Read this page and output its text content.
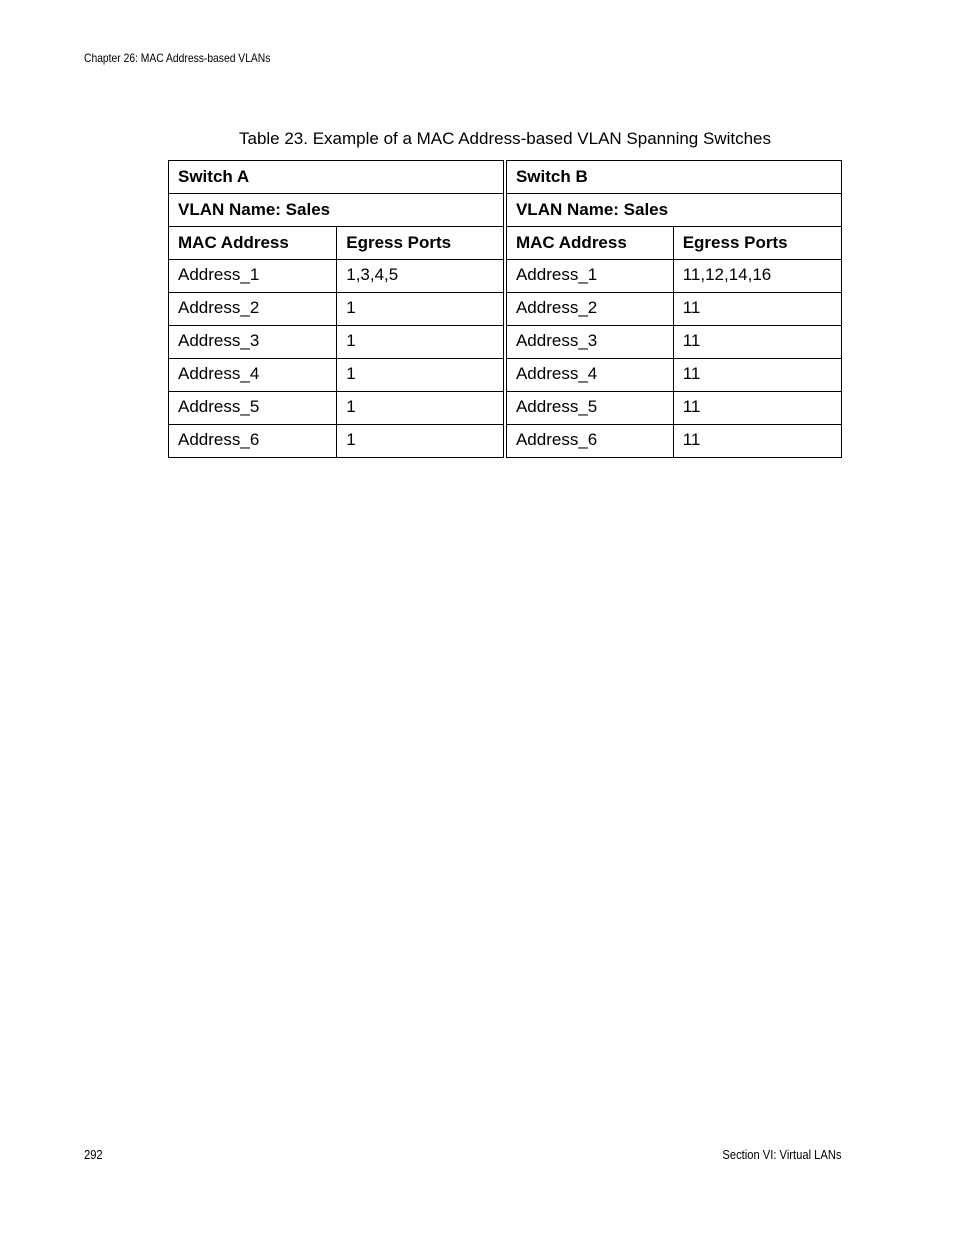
Chapter 26: MAC Address-based VLANs
Table 23. Example of a MAC Address-based VLAN Spanning Switches
Switch A		Switch B	
VLAN Name: Sales		VLAN Name: Sales	
MAC Address	Egress Ports	MAC Address	Egress Ports
Address_1	1,3,4,5	Address_1	11,12,14,16
Address_2	1	Address_2	11
Address_3	1	Address_3	11
Address_4	1	Address_4	11
Address_5	1	Address_5	11
Address_6	1	Address_6	11
292	Section VI: Virtual LANs
